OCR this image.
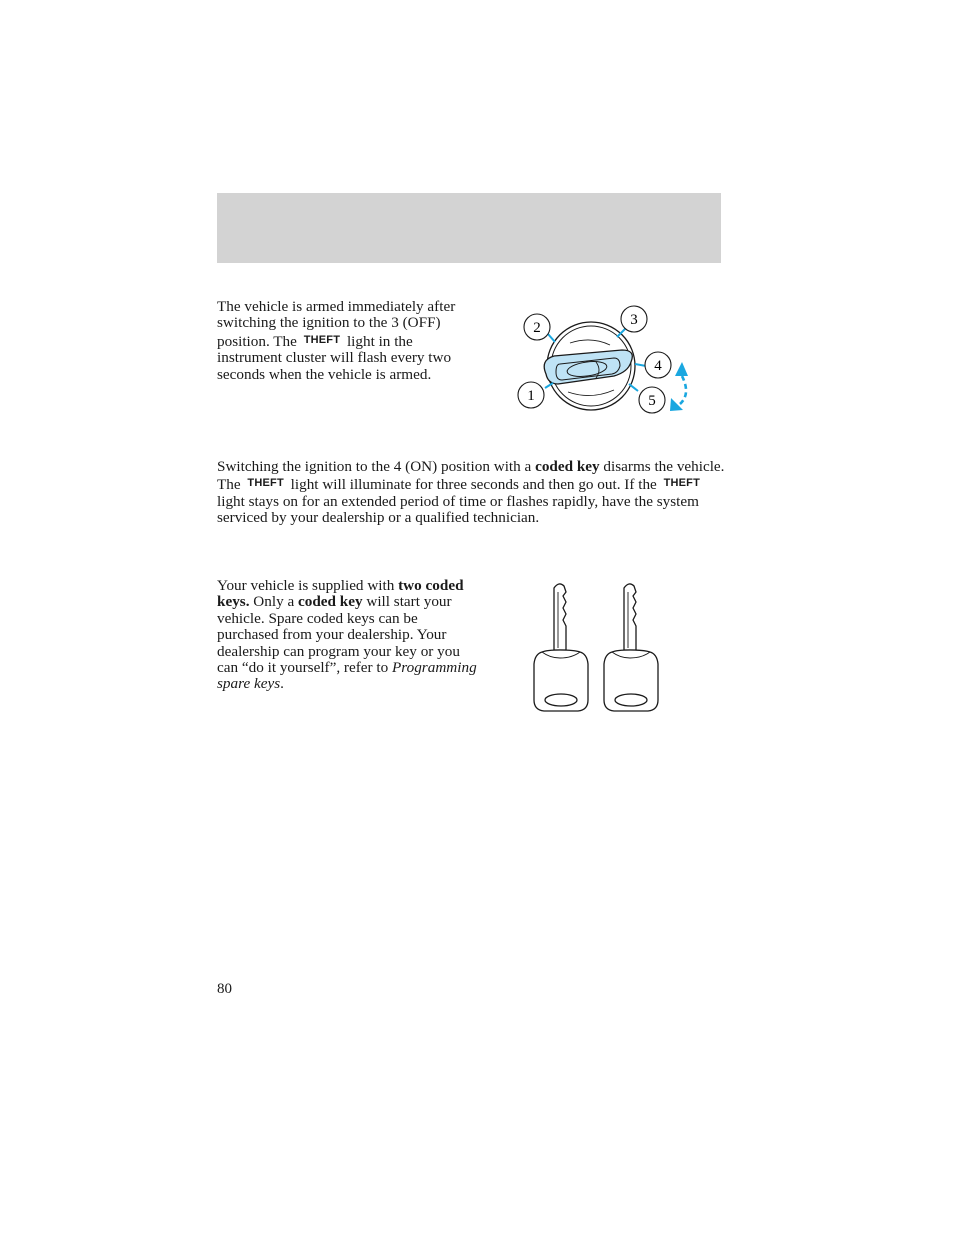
The vehicle is armed immediately after switching the ignition to the 3 (OFF) position. The THEFT light in the instrument cluster will flash every two seconds when the vehicle is armed.

2	3
4
5
1

Switching the ignition to the 4 (ON) position with a coded key disarms the vehicle. The THEFT light will illuminate for three seconds and then go out. If the THEFT light stays on for an extended period of time or flashes rapidly, have the system serviced by your dealership or a qualified technician.

Your vehicle is supplied with two coded keys. Only a coded key will start your vehicle. Spare coded keys can be purchased from your dealership. Your dealership can program your key or you can “do it yourself”, refer to Programming spare keys.

80
